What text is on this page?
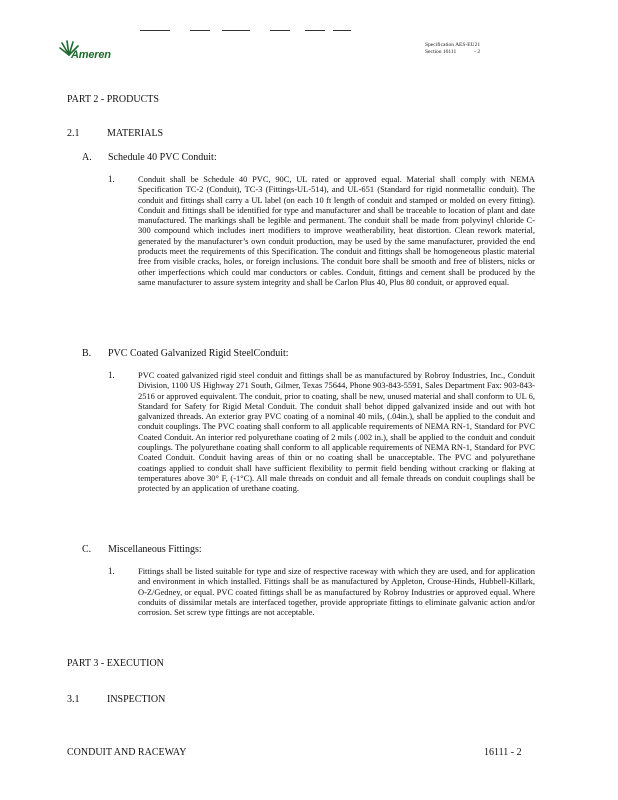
Ameren
Specification AES-EU21
Section 16111	- 2
PART 2 - PRODUCTS
2.1	MATERIALS
A. Schedule 40 PVC Conduit:
1.	Conduit shall be Schedule 40 PVC, 90C, UL rated or approved equal. Material shall comply with NEMA Specification TC-2 (Conduit), TC-3 (Fittings-UL-514), and UL-651 (Standard for rigid nonmetallic conduit). The conduit and fittings shall carry a UL label (on each 10 ft length of conduit and stamped or molded on every fitting). Conduit and fittings shall be identified for type and manufacturer and shall be traceable to location of plant and date manufactured. The markings shall be legible and permanent. The conduit shall be made from polyvinyl chloride C-300 compound which includes inert modifiers to improve weatherability, heat distortion. Clean rework material, generated by the manufacturer’s own conduit production, may be used by the same manufacturer, provided the end products meet the requirements of this Specification. The conduit and fittings shall be homogeneous plastic material free from visible cracks, holes, or foreign inclusions. The conduit bore shall be smooth and free of blisters, nicks or other imperfections which could mar conductors or cables. Conduit, fittings and cement shall be produced by the same manufacturer to assure system integrity and shall be Carlon Plus 40, Plus 80 conduit, or approved equal.

B. PVC Coated Galvanized Rigid SteelConduit:
1.	PVC coated galvanized rigid steel conduit and fittings shall be as manufactured by Robroy Industries, Inc., Conduit Division, 1100 US Highway 271 South, Gilmer, Texas 75644, Phone 903-843-5591, Sales Department Fax: 903-843-2516 or approved equivalent. The conduit, prior to coating, shall be new, unused material and shall conform to UL 6, Standard for Safety for Rigid Metal Conduit. The conduit shall behot dipped galvanized inside and out with hot galvanized threads. An exterior gray PVC coating of a nominal 40 mils, (.04in.), shall be applied to the conduit and conduit couplings. The PVC coating shall conform to all applicable requirements of NEMA RN-1, Standard for PVC Coated Conduit. An interior red polyurethane coating of 2 mils (.002 in.), shall be applied to the conduit and conduit couplings. The polyurethane coating shall conform to all applicable requirements of NEMA RN-1, Standard for PVC Coated Conduit. Conduit having areas of thin or no coating shall be unacceptable. The PVC and polyurethane coatings applied to conduit shall have sufficient flexibility to permit field bending without cracking or flaking at temperatures above 30° F, (-1°C). All male threads on conduit and all female threads on conduit couplings shall be protected by an application of urethane coating.

C. Miscellaneous Fittings:
1.	Fittings shall be listed suitable for type and size of respective raceway with which they are used, and for application and environment in which installed. Fittings shall be as manufactured by Appleton, Crouse-Hinds, Hubbell-Killark, O-Z/Gedney, or equal. PVC coated fittings shall be as manufactured by Robroy Industries or approved equal. Where conduits of dissimilar metals are interfaced together, provide appropriate fittings to eliminate galvanic action and/or corrosion. Set screw type fittings are not acceptable.

PART 3 - EXECUTION
3.1	INSPECTION
CONDUIT AND RACEWAY	16111 - 2
